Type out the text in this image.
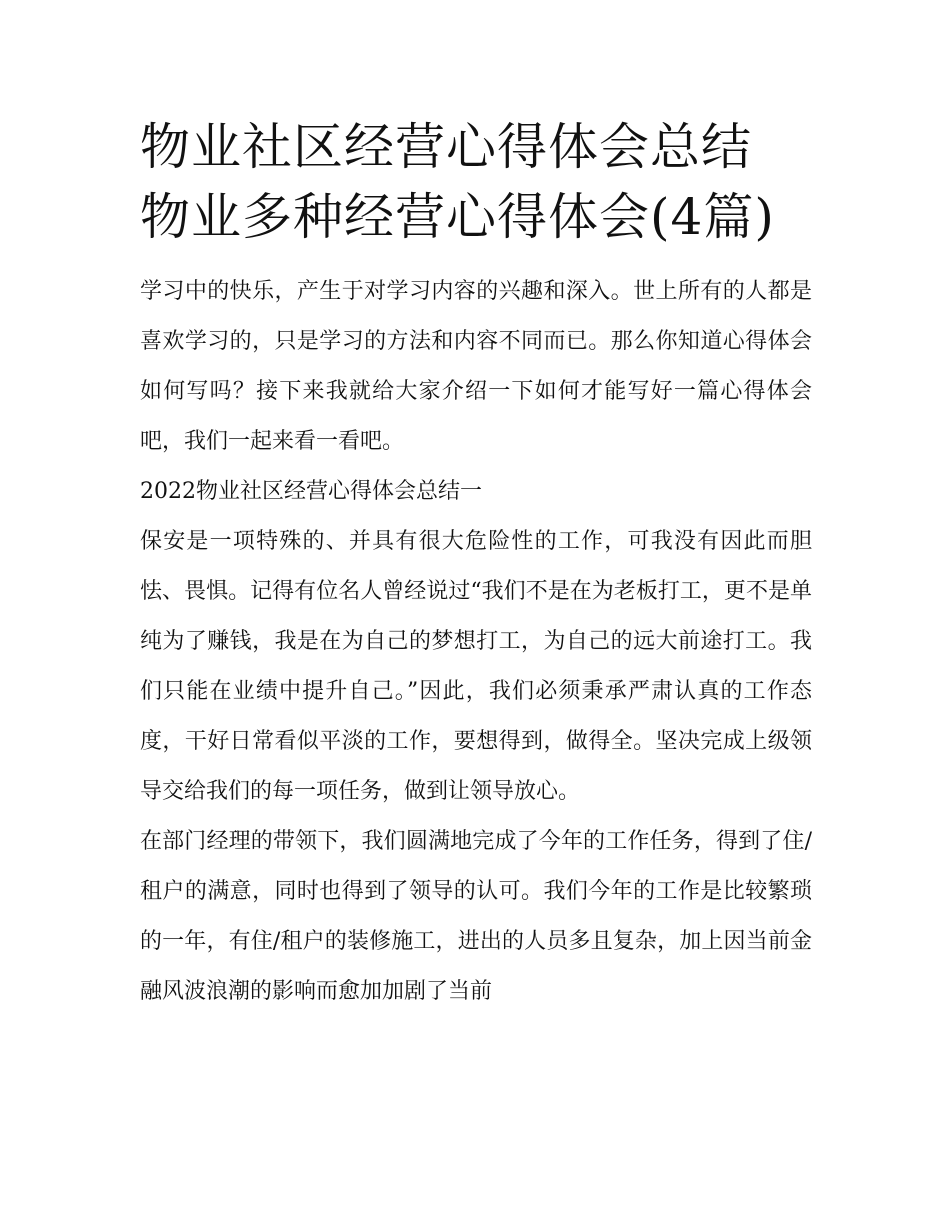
物业社区经营心得体会总结 物业多种经营心得体会(4篇)

学习中的快乐，产生于对学习内容的兴趣和深入。世上所有的人都是喜欢学习的，只是学习的方法和内容不同而已。那么你知道心得体会如何写吗？接下来我就给大家介绍一下如何才能写好一篇心得体会吧，我们一起来看一看吧。

2022物业社区经营心得体会总结一

保安是一项特殊的、并具有很大危险性的工作，可我没有因此而胆怯、畏惧。记得有位名人曾经说过“我们不是在为老板打工，更不是单纯为了赚钱，我是在为自己的梦想打工，为自己的远大前途打工。我们只能在业绩中提升自己。”因此，我们必须秉承严肃认真的工作态度，干好日常看似平淡的工作，要想得到，做得全。坚决完成上级领导交给我们的每一项任务，做到让领导放心。

在部门经理的带领下，我们圆满地完成了今年的工作任务，得到了住/租户的满意，同时也得到了领导的认可。我们今年的工作是比较繁琐的一年，有住/租户的装修施工，进出的人员多且复杂，加上因当前金融风波浪潮的影响而愈加加剧了当前
